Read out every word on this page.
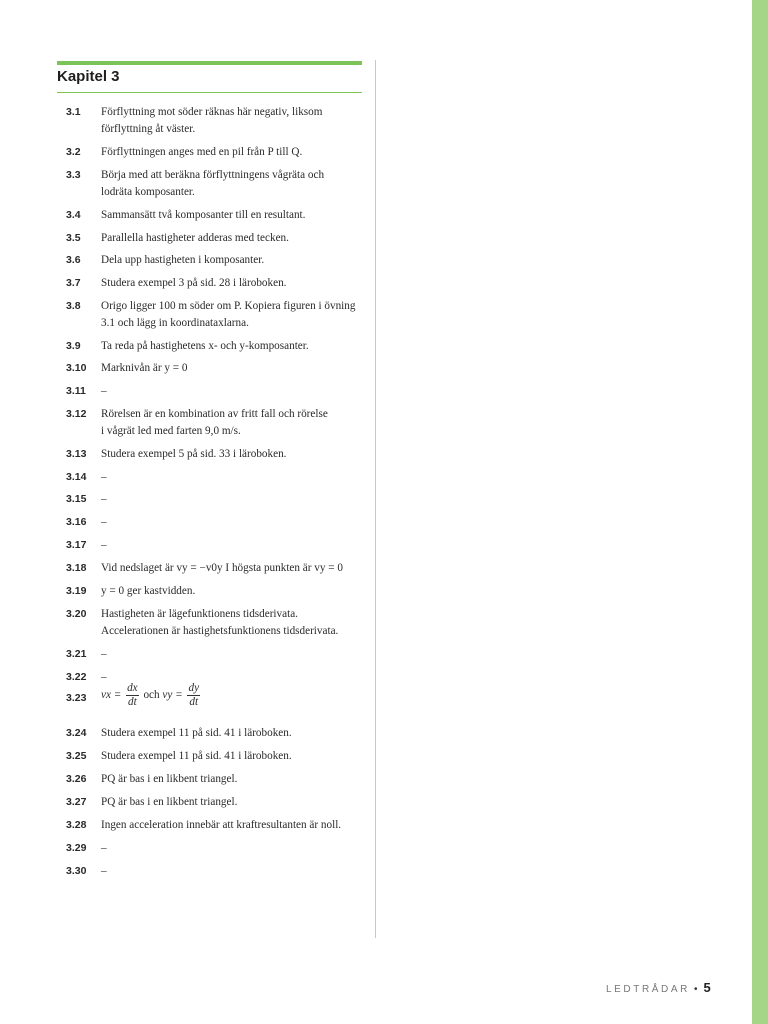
Kapitel 3
3.1 Förflyttning mot söder räknas här negativ, liksom
förflyttning åt väster.
3.2 Förflyttningen anges med en pil från P till Q.
3.3 Börja med att beräkna förflyttningens vågräta och
lodräta komposanter.
3.4 Sammansätt två komposanter till en resultant.
3.5 Parallella hastigheter adderas med tecken.
3.6 Dela upp hastigheten i komposanter.
3.7 Studera exempel 3 på sid. 28 i läroboken.
3.8 Origo ligger 100 m söder om P. Kopiera figuren i övning
3.1 och lägg in koordinataxlarna.
3.9 Ta reda på hastighetens x- och y-komposanter.
3.10 Marknivån är y = 0
3.11 –
3.12 Rörelsen är en kombination av fritt fall och rörelse
i vågrät led med farten 9,0 m/s.
3.13 Studera exempel 5 på sid. 33 i läroboken.
3.14 –
3.15 –
3.16 –
3.17 –
3.18 Vid nedslaget är vy = −v0y I högsta punkten är vy = 0
3.19 y = 0 ger kastvidden.
3.20 Hastigheten är lägefunktionens tidsderivata.
Accelerationen är hastighetsfunktionens tidsderivata.
3.21 –
3.22 –
3.23 vx = $\frac{dx}{dt}$ och vy = $\frac{dy}{dt}$
3.24 Studera exempel 11 på sid. 41 i läroboken.
3.25 Studera exempel 11 på sid. 41 i läroboken.
3.26 PQ är bas i en likbent triangel.
3.27 PQ är bas i en likbent triangel.
3.28 Ingen acceleration innebär att kraftresultanten är noll.
3.29 –
3.30 –
LEDTRÅDAR • 5
